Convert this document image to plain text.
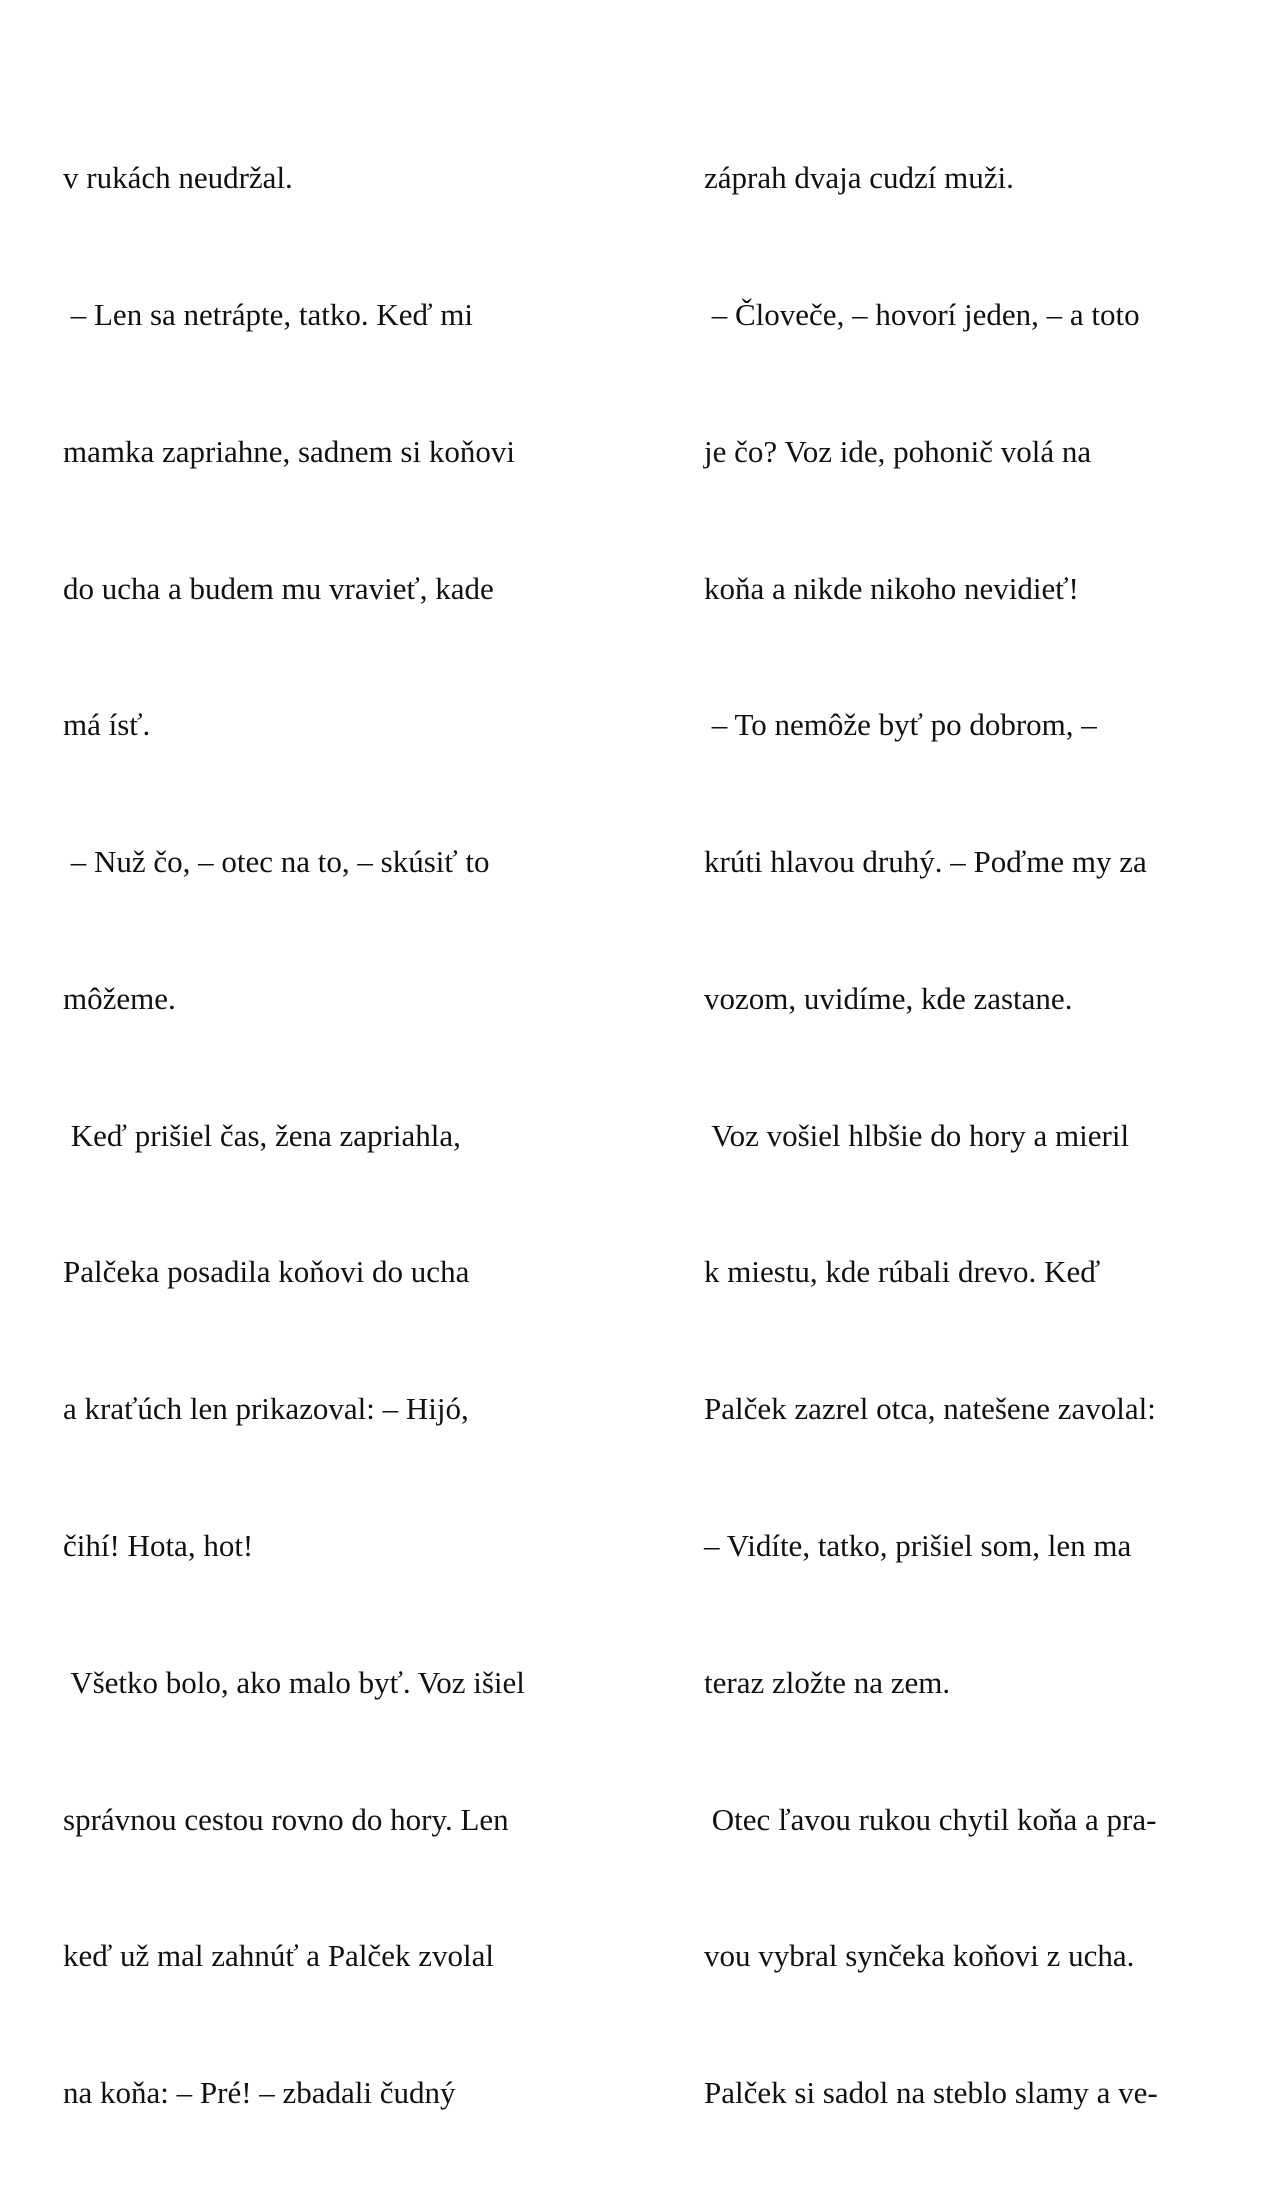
v rukách neudržal.

– Len sa netrápte, tatko. Keď mi

mamka zapriahne, sadnem si koňovi

do ucha a budem mu vravieť, kade

má ísť.

– Nuž čo, – otec na to, – skúsiť to

môžeme.

Keď prišiel čas, žena zapriahla,

Palčeka posadila koňovi do ucha

a kraťúch len prikazoval: – Hijó,

čihí! Hota, hot!

Všetko bolo, ako malo byť. Voz išiel

správnou cestou rovno do hory. Len

keď už mal zahnúť a Palček zvolal

na koňa: – Pré! – zbadali čudný

záprah dvaja cudzí muži.

– Človeče, – hovorí jeden, – a toto

je čo? Voz ide, pohonič volá na

koňa a nikde nikoho nevidieť!

– To nemôže byť po dobrom, –

krúti hlavou druhý. – Poďme my za

vozom, uvidíme, kde zastane.

Voz vošiel hlbšie do hory a mieril

k miestu, kde rúbali drevo. Keď

Palček zazrel otca, natešene zavolal:

– Vidíte, tatko, prišiel som, len ma

teraz zložte na zem.

Otec ľavou rukou chytil koňa a pra-

vou vybral synčeka koňovi z ucha.

Palček si sadol na steblo slamy a ve-
